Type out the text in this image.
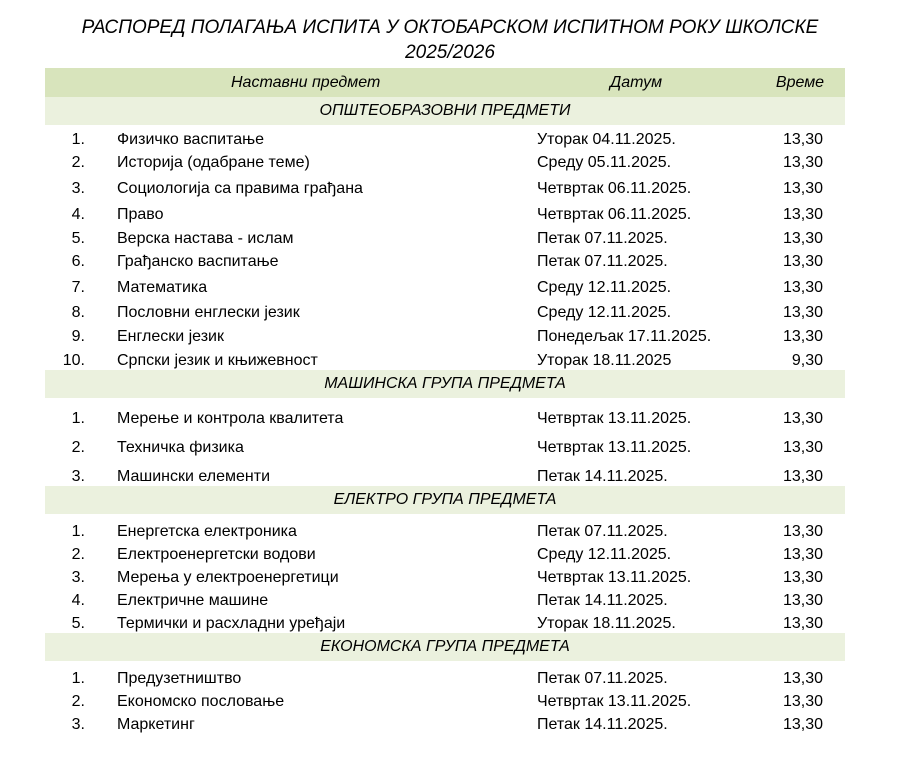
РАСПОРЕД ПОЛАГАЊА ИСПИТА У ОКТОБАРСКОМ ИСПИТНОМ РОКУ ШКОЛСКЕ
2025/2026
	Наставни предмет	Датум	Време
ОПШТЕОБРАЗОВНИ ПРЕДМЕТИ			
1.	Физичко васпитање	Уторак 04.11.2025.	13,30
2.	Историја (одабране теме)	Среду 05.11.2025.	13,30
3.	Социологија са правима грађана	Четвртак 06.11.2025.	13,30
4.	Право	Четвртак 06.11.2025.	13,30
5.	Верска настава - ислам	Петак 07.11.2025.	13,30
6.	Грађанско васпитање	Петак 07.11.2025.	13,30
7.	Математика	Среду 12.11.2025.	13,30
8.	Пословни енглески језик	Среду 12.11.2025.	13,30
9.	Енглески језик	Понедељак 17.11.2025.	13,30
10.	Српски језик и књижевност	Уторак 18.11.2025	9,30
МАШИНСКА ГРУПА ПРЕДМЕТА			
1.	Мерење и контрола квалитета	Четвртак 13.11.2025.	13,30
2.	Техничка физика	Четвртак 13.11.2025.	13,30
3.	Машински елементи	Петак 14.11.2025.	13,30
ЕЛЕКТРО ГРУПА ПРЕДМЕТА			
1.	Енергетска електроника	Петак 07.11.2025.	13,30
2.	Електроенергетски водови	Среду 12.11.2025.	13,30
3.	Мерења у електроенергетици	Четвртак 13.11.2025.	13,30
4.	Електричне машине	Петак 14.11.2025.	13,30
5.	Термички и расхладни уређаји	Уторак 18.11.2025.	13,30
ЕКОНОМСКА ГРУПА ПРЕДМЕТА			
1.	Предузетништво	Петак 07.11.2025.	13,30
2.	Економско пословање	Четвртак 13.11.2025.	13,30
3.	Маркетинг	Петак 14.11.2025.	13,30
